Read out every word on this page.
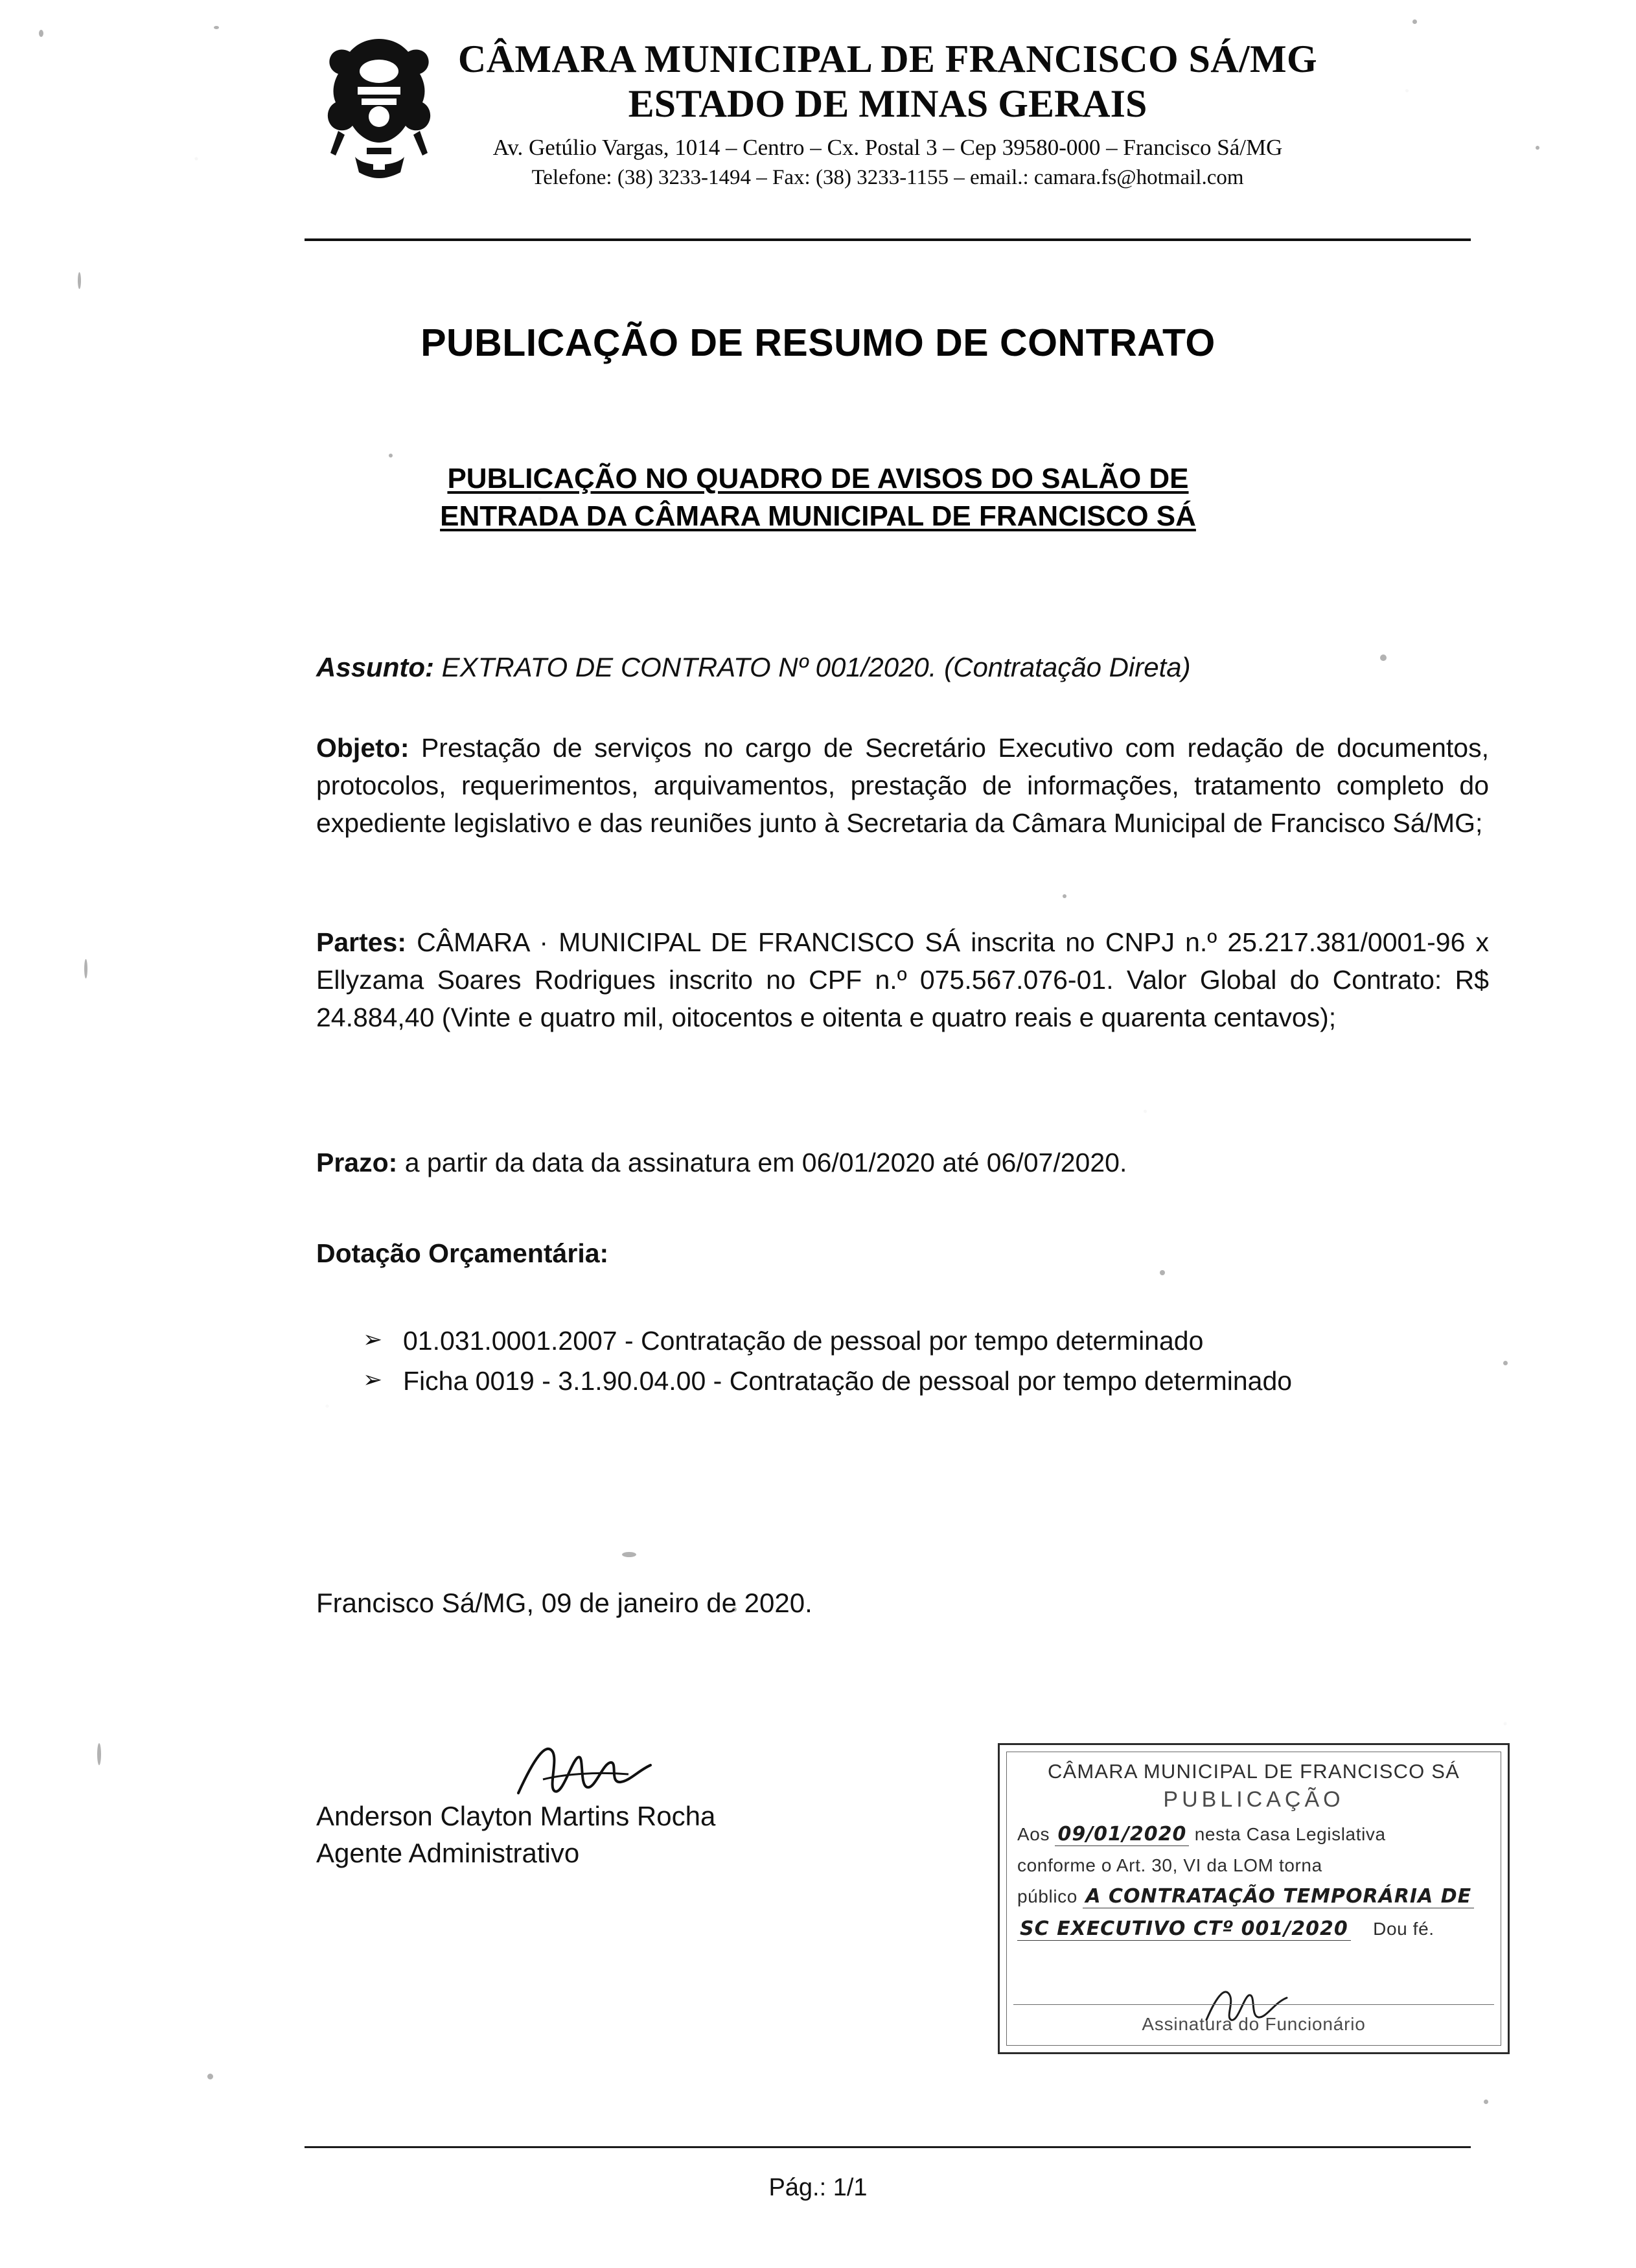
CÂMARA MUNICIPAL DE FRANCISCO SÁ/MG
ESTADO DE MINAS GERAIS
Av. Getúlio Vargas, 1014 – Centro – Cx. Postal 3 – Cep 39580-000 – Francisco Sá/MG
Telefone: (38) 3233-1494 – Fax: (38) 3233-1155 – email.: camara.fs@hotmail.com
PUBLICAÇÃO DE RESUMO DE CONTRATO
PUBLICAÇÃO NO QUADRO DE AVISOS DO SALÃO DE
ENTRADA DA CÂMARA MUNICIPAL DE FRANCISCO SÁ
Assunto: EXTRATO DE CONTRATO Nº 001/2020. (Contratação Direta)
Objeto: Prestação de serviços no cargo de Secretário Executivo com redação de documentos, protocolos, requerimentos, arquivamentos, prestação de informações, tratamento completo do expediente legislativo e das reuniões junto à Secretaria da Câmara Municipal de Francisco Sá/MG;
Partes: CÂMARA · MUNICIPAL DE FRANCISCO SÁ inscrita no CNPJ n.º 25.217.381/0001-96 x Ellyzama Soares Rodrigues inscrito no CPF n.º 075.567.076-01. Valor Global do Contrato: R$ 24.884,40 (Vinte e quatro mil, oitocentos e oitenta e quatro reais e quarenta centavos);
Prazo: a partir da data da assinatura em 06/01/2020 até 06/07/2020.
Dotação Orçamentária:
➢ 01.031.0001.2007 - Contratação de pessoal por tempo determinado
➢ Ficha 0019 - 3.1.90.04.00 - Contratação de pessoal por tempo determinado
Francisco Sá/MG, 09 de janeiro de 2020.
Anderson Clayton Martins Rocha
Agente Administrativo
CÂMARA MUNICIPAL DE FRANCISCO SÁ
PUBLICAÇÃO
Aos 09/01/2020 nesta Casa Legislativa
conforme o Art. 30, VI da LOM torna
público A CONTRATAÇÃO TEMPORÁRIA DE
SC EXECUTIVO CTº 001/2020 Dou fé.
Assinatura do Funcionário
Pág.: 1/1
